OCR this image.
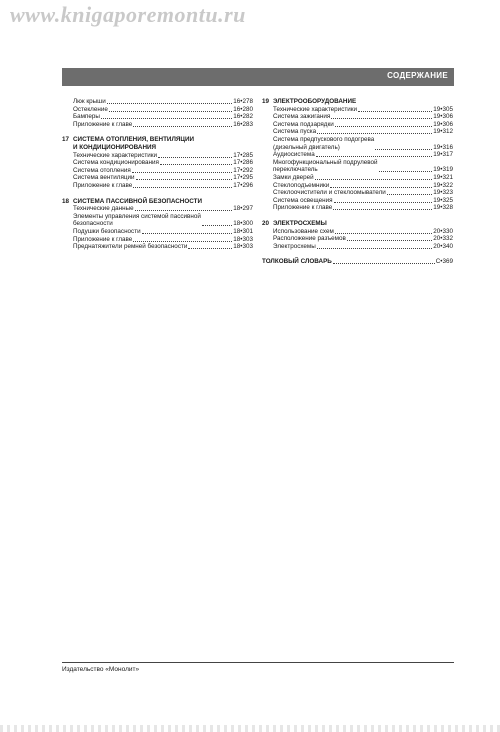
www.knigaporemontu.ru
СОДЕРЖАНИЕ
Люк крыши	16•278
Остекление	16•280
Бамперы	16•282
Приложение к главе	16•283
17 СИСТЕМА ОТОПЛЕНИЯ, ВЕНТИЛЯЦИИ
И КОНДИЦИОНИРОВАНИЯ
Технические характеристики	17•285
Система кондиционирования	17•286
Система отопления	17•292
Система вентиляции	17•295
Приложение к главе	17•296
18 СИСТЕМА ПАССИВНОЙ БЕЗОПАСНОСТИ
Технические данные	18•297
Элементы управления системой пассивной
безопасности	18•300
Подушки безопасности	18•301
Приложение к главе	18•303
Преднатяжители ремней безопасности	18•303
19 ЭЛЕКТРООБОРУДОВАНИЕ
Технические характеристики	19•305
Система зажигания	19•306
Система подзарядки	19•306
Система пуска	19•312
Система предпускового подогрева
(дизельный двигатель)	19•316
Аудиосистема	19•317
Многофункциональный подрулевой
переключатель	19•319
Замки дверей	19•321
Стеклоподъемники	19•322
Стеклоочистители и стеклоомыватели	19•323
Система освещения	19•325
Приложение к главе	19•328
20 ЭЛЕКТРОСХЕМЫ
Использование схем	20•330
Расположение разъемов	20•332
Электросхемы	20•340
ТОЛКОВЫЙ СЛОВАРЬ	С•369
Издательство «Монолит»
